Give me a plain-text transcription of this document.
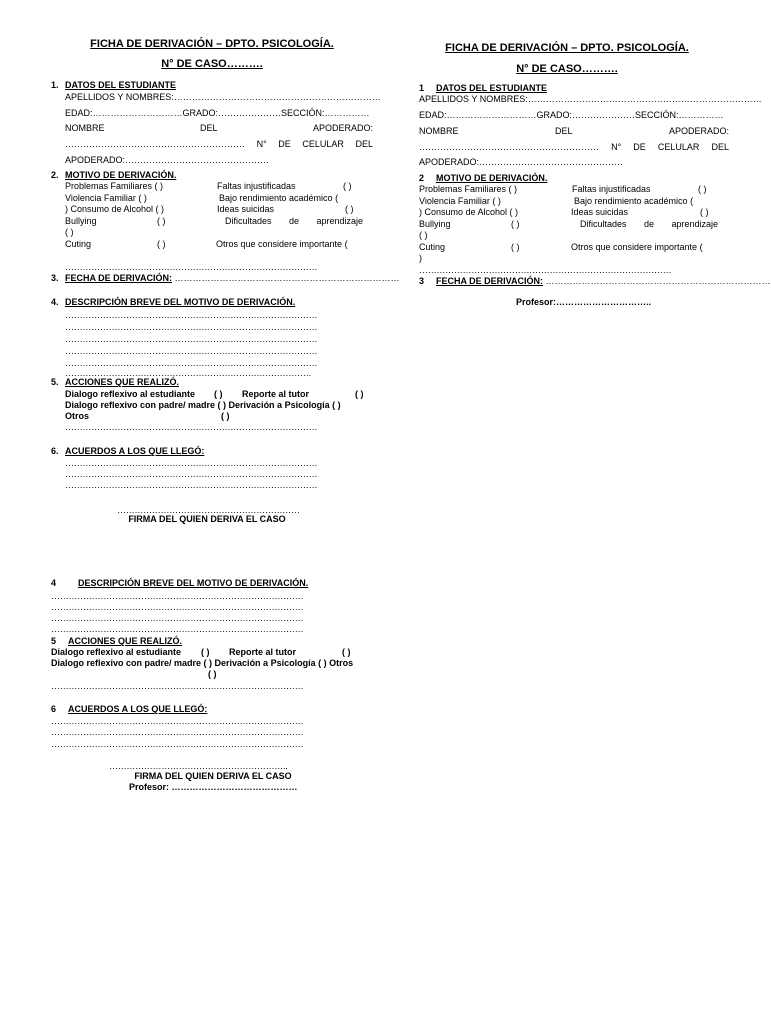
FICHA DE DERIVACIÓN – DPTO. PSICOLOGÍA.
N° DE CASO……….
1. DATOS DEL ESTUDIANTE
APELLIDOS Y NOMBRES:……………………………………………………………
EDAD:…………………………GRADO:…………………SECCIÓN:……………
NOMBRE	DEL	APODERADO:
…………………………………………………… N° DE CELULAR DEL
APODERADO:…………………………………………
2. MOTIVO DE DERIVACIÓN.
Problemas Familiares ( )	Faltas injustificadas	( )
Violencia Familiar ( )	Bajo rendimiento académico (
) Consumo de Alcohol ( )	Ideas suicidas	( )
Bullying	( )	Dificultades de aprendizaje
( )
Cuting	( )	Otros que considere importante (
……………………………………………………………………………
3. FECHA DE DERIVACIÓN: …………………………………………………………………
4. DESCRIPCIÓN BREVE DEL MOTIVO DE DERIVACIÓN.
……………………………………………………………………………
……………………………………………………………………………
……………………………………………………………………………
……………………………………………………………………………
……………………………………………………………………………
………………………………………………………………………….
5. ACCIONES QUE REALIZÓ.
Dialogo reflexivo al estudiante ( ) Reporte al tutor	( )
Dialogo reflexivo con padre/ madre ( ) Derivación a Psicología ( )
Otros	( )
……………………………………………………………………………
6. ACUERDOS A LOS QUE LLEGÓ:
……………………………………………………………………………
……………………………………………………………………………
……………………………………………………………………………
………………………………………………………
FIRMA DEL QUIEN DERIVA EL CASO
FICHA DE DERIVACIÓN – DPTO. PSICOLOGÍA.
N° DE CASO……….
1 DATOS DEL ESTUDIANTE
APELLIDOS Y NOMBRES:……………………………………………………………………
EDAD:…………………………GRADO:…………………SECCIÓN:……………
NOMBRE	DEL	APODERADO:
…………………………………………………… N° DE CELULAR DEL
APODERADO:…………………………………………
2 MOTIVO DE DERIVACIÓN.
Problemas Familiares ( )	Faltas injustificadas	( )
Violencia Familiar ( )	Bajo rendimiento académico (
) Consumo de Alcohol ( )	Ideas suicidas	( )
Bullying	( )	Dificultades de aprendizaje
( )
Cuting	( )	Otros que considere importante (
)
……………………………………………………………………………
3 FECHA DE DERIVACIÓN: …………………………………………………………………
Profesor:…………………………..
4 DESCRIPCIÓN BREVE DEL MOTIVO DE DERIVACIÓN.
……………………………………………………………………………
……………………………………………………………………………
……………………………………………………………………………
……………………………………………………………………………
5 ACCIONES QUE REALIZÓ.
Dialogo reflexivo al estudiante ( ) Reporte al tutor	( )
Dialogo reflexivo con padre/ madre ( ) Derivación a Psicología ( ) Otros
( )
……………………………………………………………………………
6 ACUERDOS A LOS QUE LLEGÓ:
……………………………………………………………………………
……………………………………………………………………………
……………………………………………………………………………
……………………………………………………..
FIRMA DEL QUIEN DERIVA EL CASO
Profesor: ……………………………………
